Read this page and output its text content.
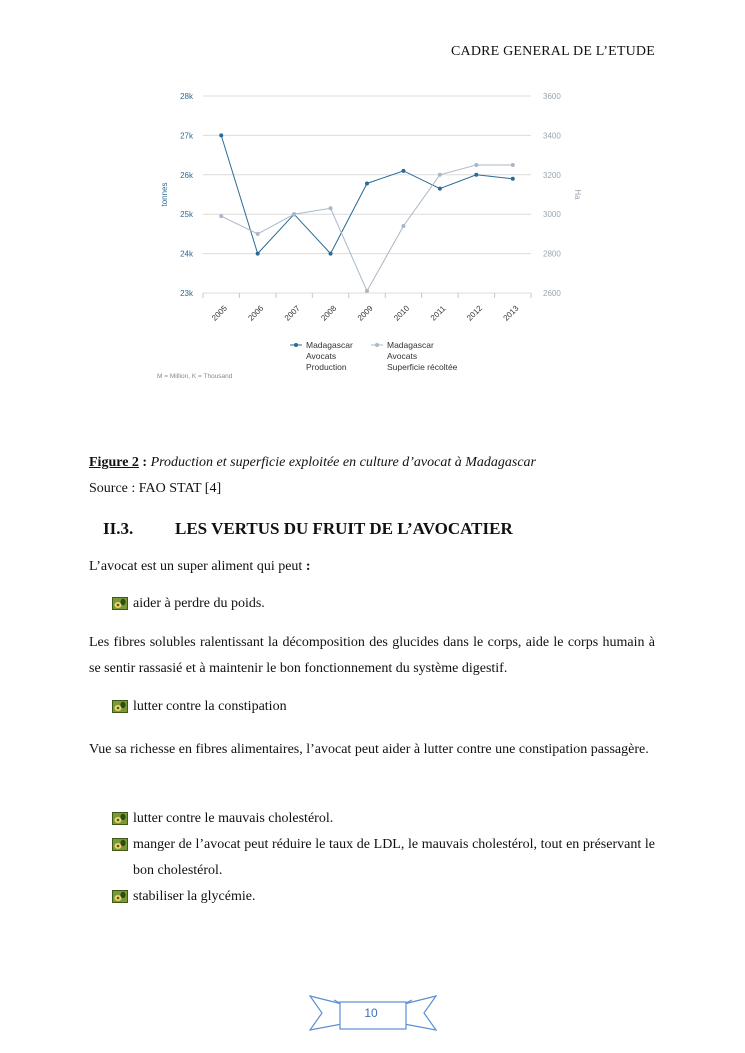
CADRE GENERAL DE L’ETUDE
23k
24k
25k
26k
27k
28k
2600
2800
3000
3200
3400
3600
tonnes	Ha
2005 2006 2007 2008 2009 2010 2011 2012 2013
Madagascar
Avocats
Production
Madagascar
Avocats
Superficie récoltée
M = Million, K = Thousand
Figure 2 : Production et superficie exploitée en culture d’avocat à Madagascar
Source : FAO STAT [4]
II.3. LES VERTUS DU FRUIT DE L’AVOCATIER
L’avocat est un super aliment qui peut :
aider à perdre du poids.
Les fibres solubles ralentissant la décomposition des glucides dans le corps, aide le corps humain à se sentir rassasié et à maintenir le bon fonctionnement du système digestif.
lutter contre la constipation
Vue sa richesse en fibres alimentaires, l’avocat peut aider à lutter contre une constipation passagère.
lutter contre le mauvais cholestérol.
manger de l’avocat peut réduire le taux de LDL, le mauvais cholestérol, tout en préservant le bon cholestérol.
stabiliser la glycémie.
10
